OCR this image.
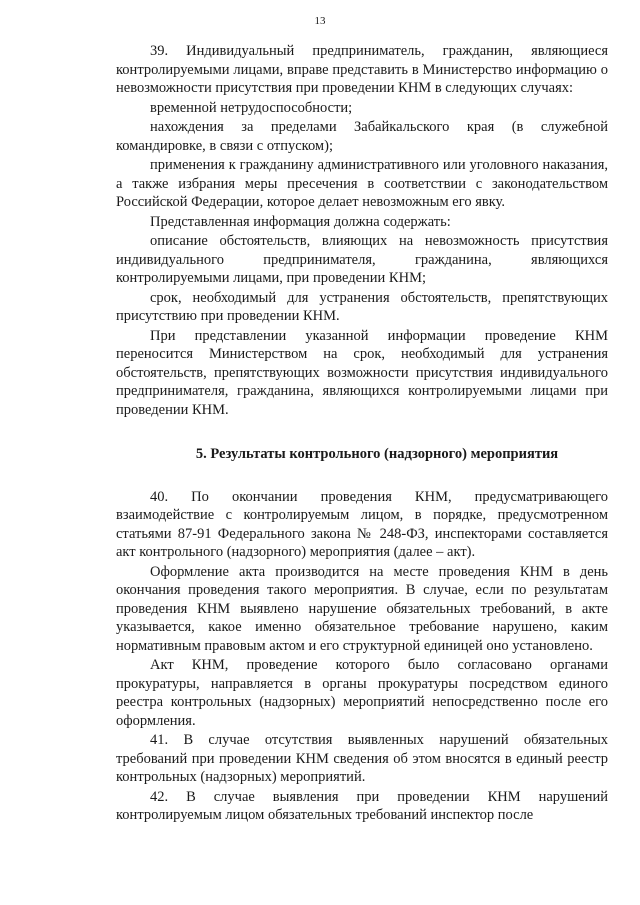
13

39. Индивидуальный предприниматель, гражданин, являющиеся контролируемыми лицами, вправе представить в Министерство информацию о невозможности присутствия при проведении КНМ в следующих случаях:

временной нетрудоспособности;

нахождения за пределами Забайкальского края (в служебной командировке, в связи с отпуском);

применения к гражданину административного или уголовного наказания, а также избрания меры пресечения в соответствии с законодательством Российской Федерации, которое делает невозможным его явку.

Представленная информация должна содержать:

описание обстоятельств, влияющих на невозможность присутствия индивидуального предпринимателя, гражданина, являющихся контролируемыми лицами, при проведении КНМ;

срок, необходимый для устранения обстоятельств, препятствующих присутствию при проведении КНМ.

При представлении указанной информации проведение КНМ переносится Министерством на срок, необходимый для устранения обстоятельств, препятствующих возможности присутствия индивидуального предпринимателя, гражданина, являющихся контролируемыми лицами при проведении КНМ.

5. Результаты контрольного (надзорного) мероприятия

40. По окончании проведения КНМ, предусматривающего взаимодействие с контролируемым лицом, в порядке, предусмотренном статьями 87-91 Федерального закона № 248-ФЗ, инспекторами составляется акт контрольного (надзорного) мероприятия (далее – акт).

Оформление акта производится на месте проведения КНМ в день окончания проведения такого мероприятия. В случае, если по результатам проведения КНМ выявлено нарушение обязательных требований, в акте указывается, какое именно обязательное требование нарушено, каким нормативным правовым актом и его структурной единицей оно установлено.

Акт КНМ, проведение которого было согласовано органами прокуратуры, направляется в органы прокуратуры посредством единого реестра контрольных (надзорных) мероприятий непосредственно после его оформления.

41. В случае отсутствия выявленных нарушений обязательных требований при проведении КНМ сведения об этом вносятся в единый реестр контрольных (надзорных) мероприятий.

42. В случае выявления при проведении КНМ нарушений контролируемым лицом обязательных требований инспектор после
